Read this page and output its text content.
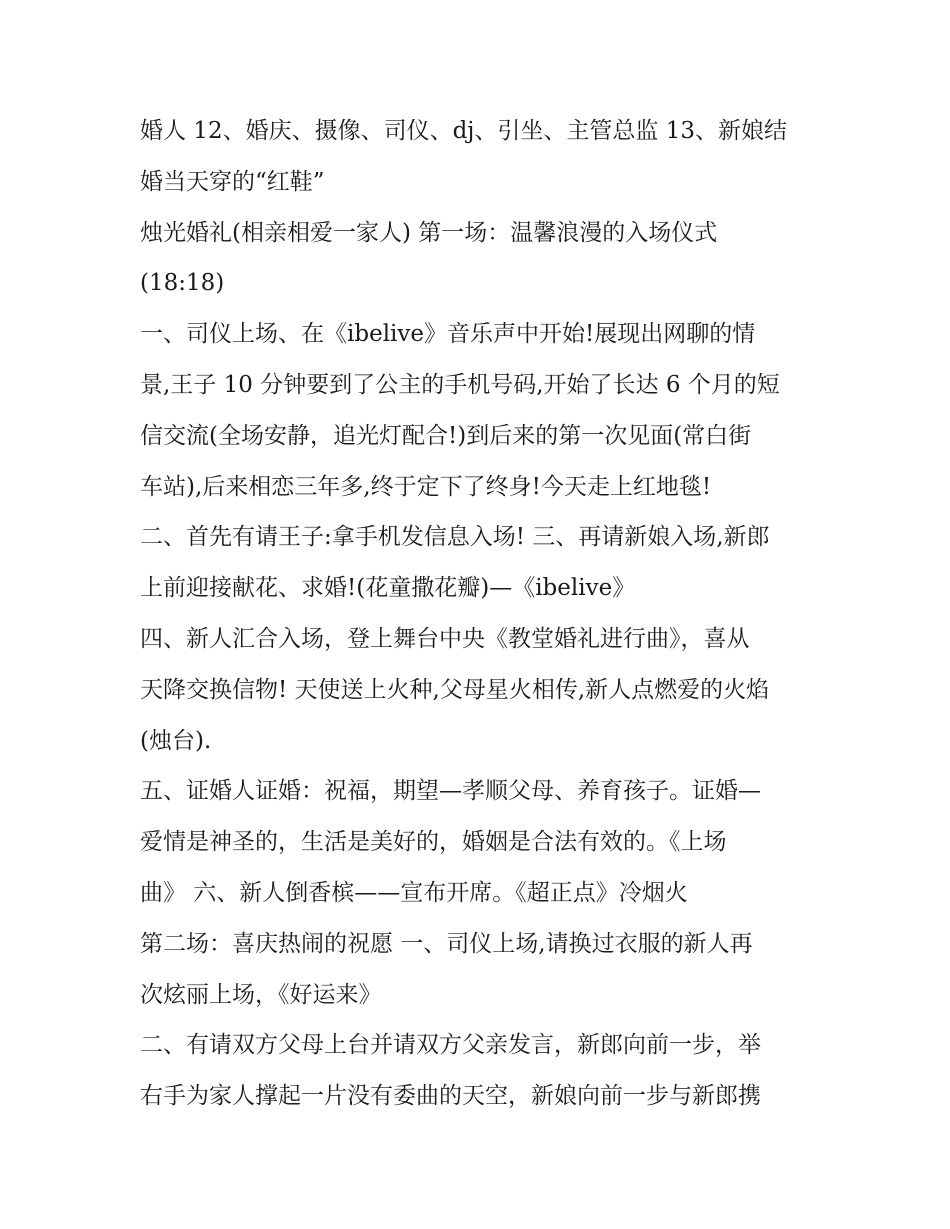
婚人 12、婚庆、摄像、司仪、dj、引坐、主管总监 13、新娘结
婚当天穿的“红鞋”
烛光婚礼(相亲相爱一家人) 第一场：温馨浪漫的入场仪式
(18:18)
一、司仪上场、在《ibelive》音乐声中开始!展现出网聊的情
景,王子 10 分钟要到了公主的手机号码,开始了长达 6 个月的短
信交流(全场安静，追光灯配合!)到后来的第一次见面(常白街
车站),后来相恋三年多,终于定下了终身!今天走上红地毯!
二、首先有请王子:拿手机发信息入场! 三、再请新娘入场,新郎
上前迎接献花、求婚!(花童撒花瓣)—《ibelive》
四、新人汇合入场，登上舞台中央《教堂婚礼进行曲》，喜从
天降交换信物! 天使送上火种,父母星火相传,新人点燃爱的火焰
(烛台).
五、证婚人证婚：祝福，期望—孝顺父母、养育孩子。证婚—
爱情是神圣的，生活是美好的，婚姻是合法有效的。《上场
曲》 六、新人倒香槟——宣布开席。《超正点》冷烟火
第二场：喜庆热闹的祝愿 一、司仪上场,请换过衣服的新人再
次炫丽上场，《好运来》
二、有请双方父母上台并请双方父亲发言，新郎向前一步，举
右手为家人撑起一片没有委曲的天空，新娘向前一步与新郎携
